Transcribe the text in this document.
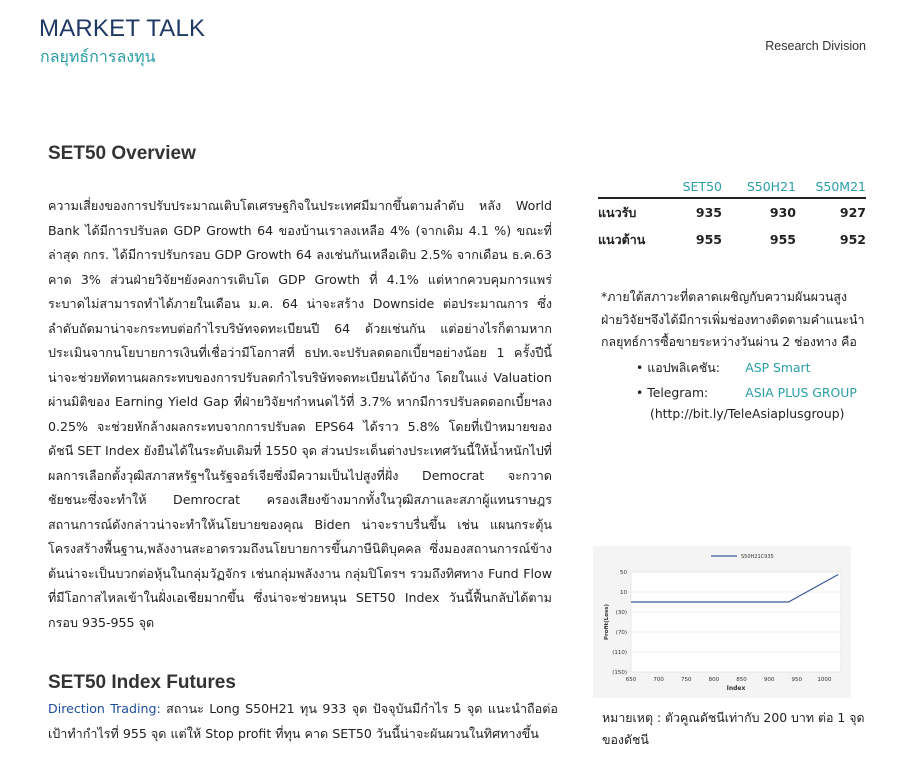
MARKET TALK
กลยุทธ์การลงทุน
Research Division
SET50 Overview
ความเสี่ยงของการปรับประมาณเติบโตเศรษฐกิจในประเทศมีมากขึ้นตามลำดับ หลัง World Bank ได้มีการปรับลด GDP Growth 64 ของบ้านเราลงเหลือ 4% (จากเดิม 4.1 %) ขณะที่ล่าสุด กกร. ได้มีการปรับกรอบ GDP Growth 64 ลงเช่นกันเหลือเติบ 2.5% จากเดือน ธ.ค.63 คาด 3% ส่วนฝ่ายวิจัยฯยังคงการเติบโต GDP Growth ที่ 4.1% แต่หากควบคุมการแพร่ระบาดไม่สามารถทำได้ภายในเดือน ม.ค. 64 น่าจะสร้าง Downside ต่อประมาณการ ซึ่งลำดับถัดมาน่าจะกระทบต่อกำไรบริษัทจดทะเบียนปี 64 ด้วยเช่นกัน แต่อย่างไรก็ตามหากประเมินจากนโยบายการเงินที่เชื่อว่ามีโอกาสที่ ธปท.จะปรับลดดอกเบี้ยฯอย่างน้อย 1 ครั้งปีนี้ น่าจะช่วยทัดทานผลกระทบของการปรับลดกำไรบริษัทจดทะเบียนได้บ้าง โดยในแง่ Valuation ผ่านมิติของ Earning Yield Gap ที่ฝ่ายวิจัยฯกำหนดไว้ที่ 3.7% หากมีการปรับลดดอกเบี้ยฯลง 0.25% จะช่วยหักล้างผลกระทบจากการปรับลด EPS64 ได้ราว 5.8% โดยที่เป้าหมายของดัชนี SET Index ยังยืนได้ในระดับเดิมที่ 1550 จุด ส่วนประเด็นต่างประเทศวันนี้ให้น้ำหนักไปที่ผลการเลือกตั้งวุฒิสภาสหรัฐฯในรัฐจอร์เจียซึ่งมีความเป็นไปสูงที่ฝั่ง Democrat จะกวาดชัยชนะซึ่งจะทำให้ Demrocrat ครองเสียงข้างมากทั้งในวุฒิสภาและสภาผู้แทนราษฎร สถานการณ์ดังกล่าวน่าจะทำให้นโยบายของคุณ Biden น่าจะราบรื่นขึ้น เช่น แผนกระตุ้นโครงสร้างพื้นฐาน,พลังงานสะอาดรวมถึงนโยบายการขึ้นภาษีนิติบุคคล ซึ่งมองสถานการณ์ข้างต้นน่าจะเป็นบวกต่อหุ้นในกลุ่มวัฏจักร เช่นกลุ่มพลังงาน กลุ่มปิโตรฯ รวมถึงทิศทาง Fund Flow ที่มีโอกาสไหลเข้าในฝั่งเอเชียมากขึ้น ซึ่งน่าจะช่วยหนุน SET50 Index วันนี้ฟื้นกลับได้ตามกรอบ 935-955 จุด
SET50 Index Futures
Direction Trading: สถานะ Long S50H21 ทุน 933 จุด ปัจจุบันมีกำไร 5 จุด แนะนำถือต่อ เป้าทำกำไรที่ 955 จุด แต่ให้ Stop profit ที่ทุน คาด SET50 วันนี้น่าจะผันผวนในทิศทางขึ้น
	SET50	S50H21	S50M21
แนวรับ	935	930	927
แนวต้าน	955	955	952
*ภายใต้สภาวะที่ตลาดเผชิญกับความผันผวนสูง ฝ่ายวิจัยฯจึงได้มีการเพิ่มช่องทางติดตามคำแนะนำกลยุทธ์การซื้อขายระหว่างวันผ่าน 2 ช่องทาง คือ
• แอปพลิเคชัน: ASP Smart
• Telegram:	ASIA PLUS GROUP
(http://bit.ly/TeleAsiaplusgroup)
50
10
(30)
(70)
(110)
(150)
650	700	750	800	850	900	950	1000
Index
Profit(Loss)
S50H21C935
หมายเหตุ : ตัวคูณดัชนีเท่ากับ 200 บาท ต่อ 1 จุดของดัชนี
